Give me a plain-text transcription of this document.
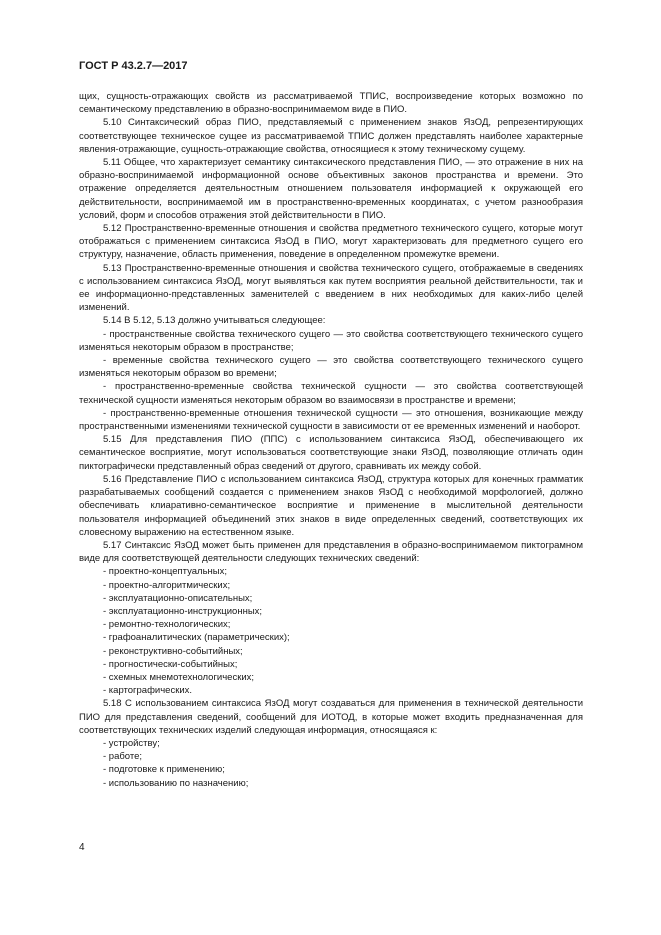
ГОСТ Р 43.2.7—2017

щих, сущность-отражающих свойств из рассматриваемой ТПИС, воспроизведение которых возможно по семантическому представлению в образно-воспринимаемом виде в ПИО.

5.10 Синтаксический образ ПИО, представляемый с применением знаков ЯзОД, репрезентирующих соответствующее техническое сущее из рассматриваемой ТПИС должен представлять наиболее характерные явления-отражающие, сущность-отражающие свойства, относящиеся к этому техническому сущему.

5.11 Общее, что характеризует семантику синтаксического представления ПИО, — это отражение в них на образно-воспринимаемой информационной основе объективных законов пространства и времени. Это отражение определяется деятельностным отношением пользователя информацией к окружающей его действительности, воспринимаемой им в пространственно-временных координатах, с учетом разнообразия условий, форм и способов отражения этой действительности в ПИО.

5.12 Пространственно-временные отношения и свойства предметного технического сущего, которые могут отображаться с применением синтаксиса ЯзОД в ПИО, могут характеризовать для предметного сущего его структуру, назначение, область применения, поведение в определенном промежутке времени.

5.13 Пространственно-временные отношения и свойства технического сущего, отображаемые в сведениях с использованием синтаксиса ЯзОД, могут выявляться как путем восприятия реальной действительности, так и ее информационно-представленных заменителей с введением в них необходимых для каких-либо целей изменений.

5.14 В 5.12, 5.13 должно учитываться следующее:

- пространственные свойства технического сущего — это свойства соответствующего технического сущего изменяться некоторым образом в пространстве;

- временные свойства технического сущего — это свойства соответствующего технического сущего изменяться некоторым образом во времени;

- пространственно-временные свойства технической сущности — это свойства соответствующей технической сущности изменяться некоторым образом во взаимосвязи в пространстве и времени;

- пространственно-временные отношения технической сущности — это отношения, возникающие между пространственными изменениями технической сущности в зависимости от ее временных изменений и наоборот.

5.15 Для представления ПИО (ППС) с использованием синтаксиса ЯзОД, обеспечивающего их семантическое восприятие, могут использоваться соответствующие знаки ЯзОД, позволяющие отличать один пиктографически представленный образ сведений от другого, сравнивать их между собой.

5.16 Представление ПИО с использованием синтаксиса ЯзОД, структура которых для конечных грамматик разрабатываемых сообщений создается с применением знаков ЯзОД с необходимой морфологией, должно обеспечивать клиаративно-семантическое восприятие и применение в мыслительной деятельности пользователя информацией объединений этих знаков в виде определенных сведений, соответствующих их словесному выражению на естественном языке.

5.17 Синтаксис ЯзОД может быть применен для представления в образно-воспринимаемом пиктограмном виде для соответствующей деятельности следующих технических сведений:

- проектно-концептуальных;

- проектно-алгоритмических;

- эксплуатационно-описательных;

- эксплуатационно-инструкционных;

- ремонтно-технологических;

- графоаналитических (параметрических);

- реконструктивно-событийных;

- прогностически-событийных;

- схемных мнемотехнологических;

- картографических.

5.18 С использованием синтаксиса ЯзОД могут создаваться для применения в технической деятельности ПИО для представления сведений, сообщений для ИОТОД, в которые может входить предназначенная для соответствующих технических изделий следующая информация, относящаяся к:

- устройству;

- работе;

- подготовке к применению;

- использованию по назначению;

4
